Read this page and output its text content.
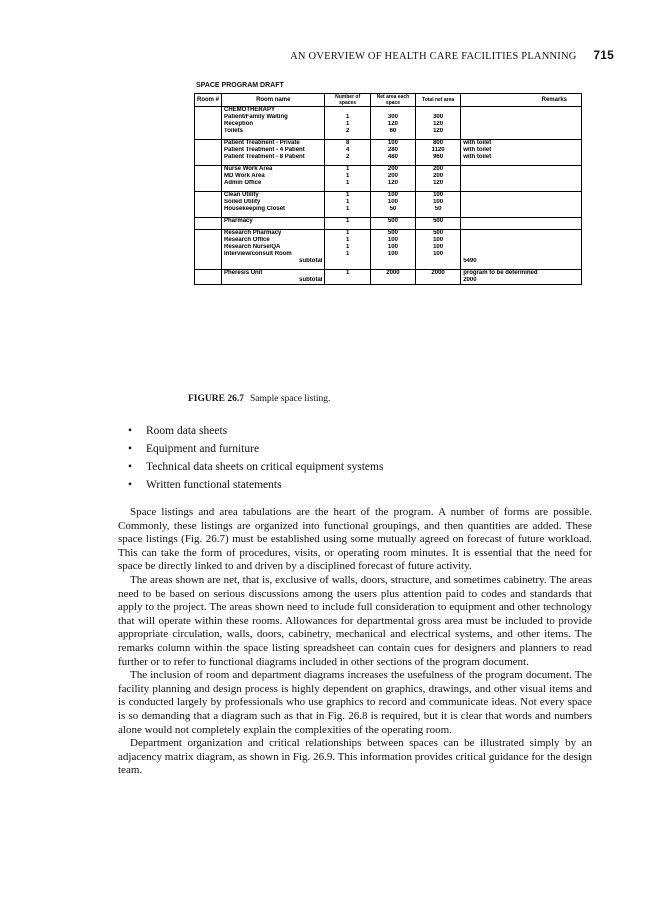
AN OVERVIEW OF HEALTH CARE FACILITIES PLANNING 715
SPACE PROGRAM DRAFT
Room #	Room name	Number of spaces	Net area each space	Total net area	Remarks
	CHEMOTHERAPY				
	Patient/Family Waiting	1	300	300	
	Reception	1	120	120	
	Toilets	2	60	120	

	Patient Treatment - Private	8	100	800	with toilet
	Patient Treatment - 4 Patient	4	280	1120	with toilet
	Patient Treatment - 8 Patient	2	480	960	with toilet

	Nurse Work Area	1	200	200	
	MD Work Area	1	200	200	
	Admin Office	1	120	120	

	Clean Utility	1	100	100	
	Soiled Utility	1	100	100	
	Housekeeping Closet	1	50	50	

	Pharmacy	1	500	500	

	Research Pharmacy	1	500	500	
	Research Office	1	100	100	
	Research Nurse/QA	1	100	100	
	Interview/consult Room	1	100	100	
	subtotal				5490

	Pheresis Unit	1	2000	2000	program to be determined
	subtotal				2000
FIGURE 26.7 Sample space listing.
• Room data sheets
• Equipment and furniture
• Technical data sheets on critical equipment systems
• Written functional statements

Space listings and area tabulations are the heart of the program. A number of forms are possible. Commonly, these listings are organized into functional groupings, and then quantities are added. These space listings (Fig. 26.7) must be established using some mutually agreed on forecast of future workload. This can take the form of procedures, visits, or operating room minutes. It is essential that the need for space be directly linked to and driven by a disciplined forecast of future activity.

The areas shown are net, that is, exclusive of walls, doors, structure, and sometimes cabinetry. The areas need to be based on serious discussions among the users plus attention paid to codes and standards that apply to the project. The areas shown need to include full consideration to equipment and other technology that will operate within these rooms. Allowances for departmental gross area must be included to provide appropriate circulation, walls, doors, cabinetry, mechanical and electrical systems, and other items. The remarks column within the space listing spreadsheet can contain cues for designers and planners to read further or to refer to functional diagrams included in other sections of the program document.

The inclusion of room and department diagrams increases the usefulness of the program document. The facility planning and design process is highly dependent on graphics, drawings, and other visual items and is conducted largely by professionals who use graphics to record and communicate ideas. Not every space is so demanding that a diagram such as that in Fig. 26.8 is required, but it is clear that words and numbers alone would not completely explain the complexities of the operating room.

Department organization and critical relationships between spaces can be illustrated simply by an adjacency matrix diagram, as shown in Fig. 26.9. This information provides critical guidance for the design team.
